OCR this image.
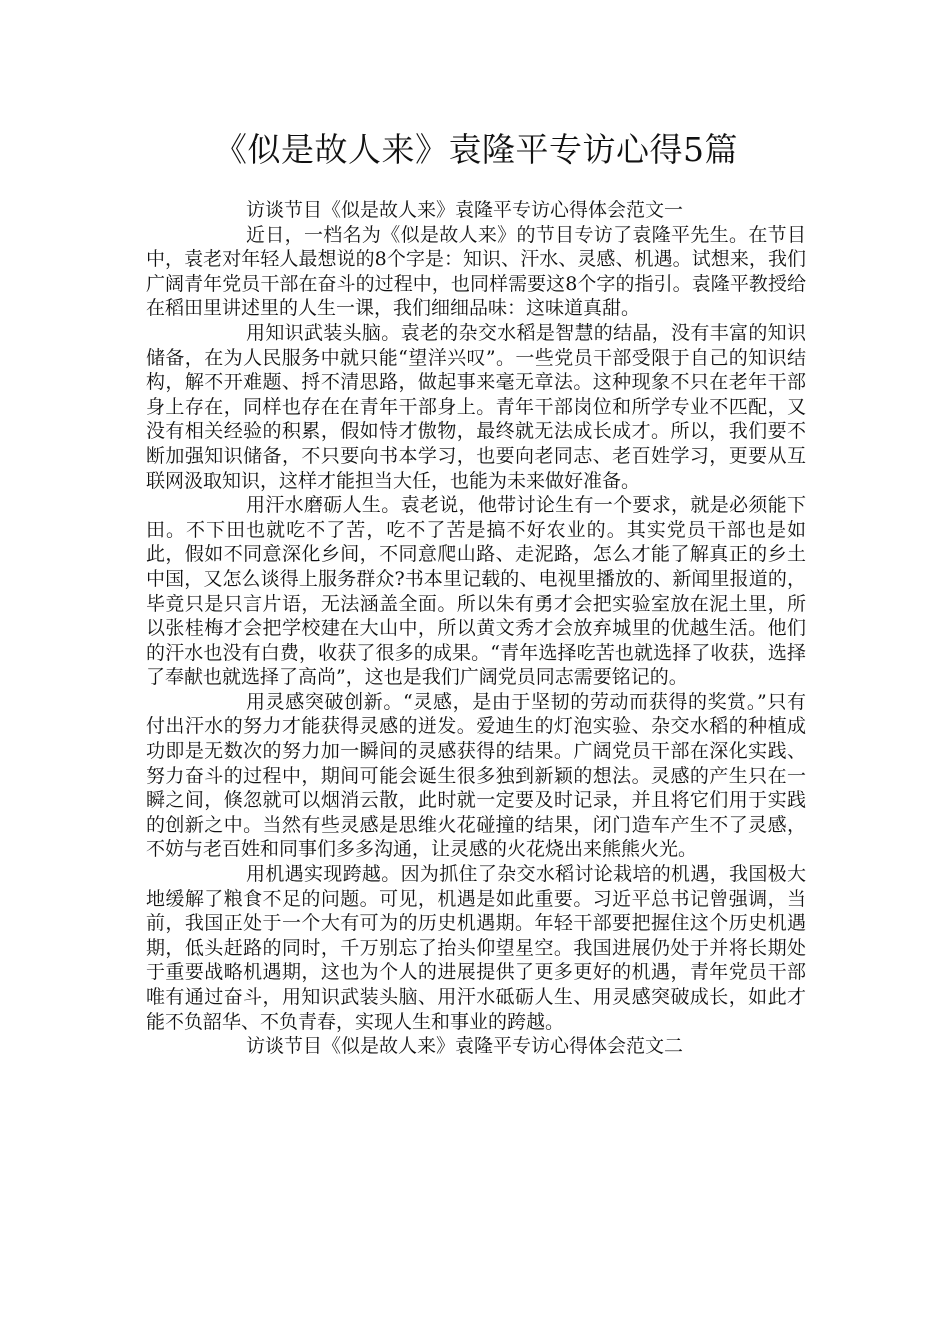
《似是故人来》袁隆平专访心得5篇

访谈节目《似是故人来》袁隆平专访心得体会范文一

近日，一档名为《似是故人来》的节目专访了袁隆平先生。在节目中，袁老对年轻人最想说的8个字是：知识、汗水、灵感、机遇。试想来，我们广阔青年党员干部在奋斗的过程中，也同样需要这8个字的指引。袁隆平教授给在稻田里讲述里的人生一课，我们细细品味：这味道真甜。

用知识武装头脑。袁老的杂交水稻是智慧的结晶，没有丰富的知识储备，在为人民服务中就只能“望洋兴叹”。一些党员干部受限于自己的知识结构，解不开难题、捋不清思路，做起事来毫无章法。这种现象不只在老年干部身上存在，同样也存在在青年干部身上。青年干部岗位和所学专业不匹配，又没有相关经验的积累，假如恃才傲物，最终就无法成长成才。所以，我们要不断加强知识储备，不只要向书本学习，也要向老同志、老百姓学习，更要从互联网汲取知识，这样才能担当大任，也能为未来做好准备。

用汗水磨砺人生。袁老说，他带讨论生有一个要求，就是必须能下田。不下田也就吃不了苦，吃不了苦是搞不好农业的。其实党员干部也是如此，假如不同意深化乡间，不同意爬山路、走泥路，怎么才能了解真正的乡土中国，又怎么谈得上服务群众?书本里记载的、电视里播放的、新闻里报道的，毕竟只是只言片语，无法涵盖全面。所以朱有勇才会把实验室放在泥土里，所以张桂梅才会把学校建在大山中，所以黄文秀才会放弃城里的优越生活。他们的汗水也没有白费，收获了很多的成果。“青年选择吃苦也就选择了收获，选择了奉献也就选择了高尚”，这也是我们广阔党员同志需要铭记的。

用灵感突破创新。“灵感，是由于坚韧的劳动而获得的奖赏。”只有付出汗水的努力才能获得灵感的迸发。爱迪生的灯泡实验、杂交水稻的种植成功即是无数次的努力加一瞬间的灵感获得的结果。广阔党员干部在深化实践、努力奋斗的过程中，期间可能会诞生很多独到新颖的想法。灵感的产生只在一瞬之间，倏忽就可以烟消云散，此时就一定要及时记录，并且将它们用于实践的创新之中。当然有些灵感是思维火花碰撞的结果，闭门造车产生不了灵感，不妨与老百姓和同事们多多沟通，让灵感的火花烧出来熊熊火光。

用机遇实现跨越。因为抓住了杂交水稻讨论栽培的机遇，我国极大地缓解了粮食不足的问题。可见，机遇是如此重要。习近平总书记曾强调，当前，我国正处于一个大有可为的历史机遇期。年轻干部要把握住这个历史机遇期，低头赶路的同时，千万别忘了抬头仰望星空。我国进展仍处于并将长期处于重要战略机遇期，这也为个人的进展提供了更多更好的机遇，青年党员干部唯有通过奋斗，用知识武装头脑、用汗水砥砺人生、用灵感突破成长，如此才能不负韶华、不负青春，实现人生和事业的跨越。

访谈节目《似是故人来》袁隆平专访心得体会范文二
